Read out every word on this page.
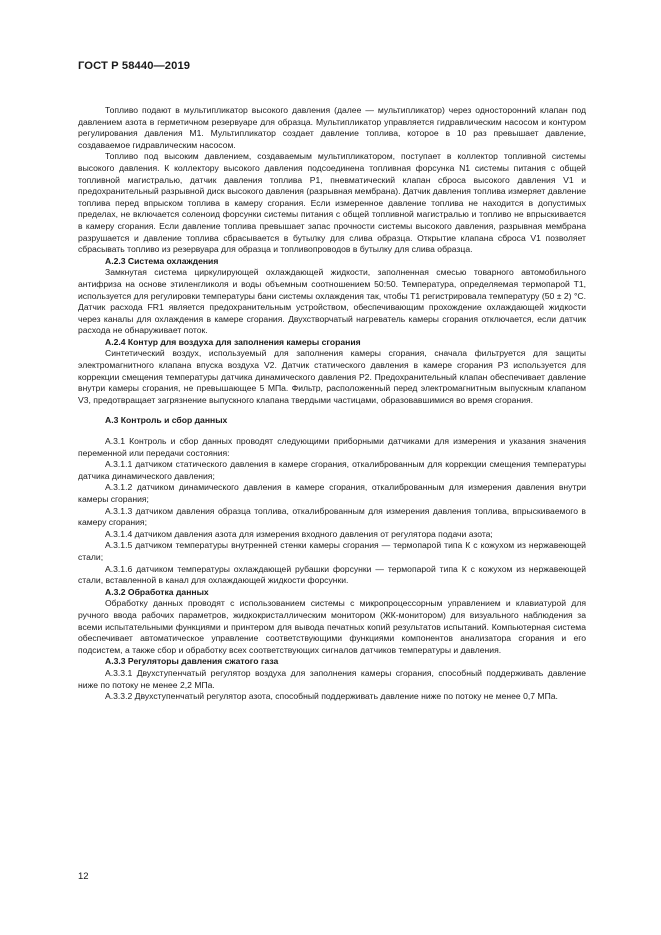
ГОСТ Р 58440—2019

Топливо подают в мультипликатор высокого давления (далее — мультипликатор) через односторонний клапан под давлением азота в герметичном резервуаре для образца. Мультипликатор управляется гидравлическим насосом и контуром регулирования давления М1. Мультипликатор создает давление топлива, которое в 10 раз превышает давление, создаваемое гидравлическим насосом.

Топливо под высоким давлением, создаваемым мультипликатором, поступает в коллектор топливной системы высокого давления. К коллектору высокого давления подсоединена топливная форсунка N1 системы питания с общей топливной магистралью, датчик давления топлива Р1, пневматический клапан сброса высокого давления V1 и предохранительный разрывной диск высокого давления (разрывная мембрана). Датчик давления топлива измеряет давление топлива перед впрыском топлива в камеру сгорания. Если измеренное давление топлива не находится в допустимых пределах, не включается соленоид форсунки системы питания с общей топливной магистралью и топливо не впрыскивается в камеру сгорания. Если давление топлива превышает запас прочности системы высокого давления, разрывная мембрана разрушается и давление топлива сбрасывается в бутылку для слива образца. Открытие клапана сброса V1 позволяет сбрасывать топливо из резервуара для образца и топливопроводов в бутылку для слива образца.

А.2.3 Система охлаждения

Замкнутая система циркулирующей охлаждающей жидкости, заполненная смесью товарного автомобильного антифриза на основе этиленгликоля и воды объемным соотношением 50:50. Температура, определяемая термопарой Т1, используется для регулировки температуры бани системы охлаждения так, чтобы Т1 регистрировала температуру (50 ± 2) °С. Датчик расхода FR1 является предохранительным устройством, обеспечивающим прохождение охлаждающей жидкости через каналы для охлаждения в камере сгорания. Двухстворчатый нагреватель камеры сгорания отключается, если датчик расхода не обнаруживает поток.

А.2.4 Контур для воздуха для заполнения камеры сгорания

Синтетический воздух, используемый для заполнения камеры сгорания, сначала фильтруется для защиты электромагнитного клапана впуска воздуха V2. Датчик статического давления в камере сгорания Р3 используется для коррекции смещения температуры датчика динамического давления Р2. Предохранительный клапан обеспечивает давление внутри камеры сгорания, не превышающее 5 МПа. Фильтр, расположенный перед электромагнитным выпускным клапаном V3, предотвращает загрязнение выпускного клапана твердыми частицами, образовавшимися во время сгорания.

А.3 Контроль и сбор данных

А.3.1 Контроль и сбор данных проводят следующими приборными датчиками для измерения и указания значения переменной или передачи состояния:

А.3.1.1 датчиком статического давления в камере сгорания, откалиброванным для коррекции смещения температуры датчика динамического давления;

А.3.1.2 датчиком динамического давления в камере сгорания, откалиброванным для измерения давления внутри камеры сгорания;

А.3.1.3 датчиком давления образца топлива, откалиброванным для измерения давления топлива, впрыскиваемого в камеру сгорания;

А.3.1.4 датчиком давления азота для измерения входного давления от регулятора подачи азота;

А.3.1.5 датчиком температуры внутренней стенки камеры сгорания — термопарой типа К с кожухом из нержавеющей стали;

А.3.1.6 датчиком температуры охлаждающей рубашки форсунки — термопарой типа К с кожухом из нержавеющей стали, вставленной в канал для охлаждающей жидкости форсунки.

А.3.2 Обработка данных

Обработку данных проводят с использованием системы с микропроцессорным управлением и клавиатурой для ручного ввода рабочих параметров, жидкокристаллическим монитором (ЖК-монитором) для визуального наблюдения за всеми испытательными функциями и принтером для вывода печатных копий результатов испытаний. Компьютерная система обеспечивает автоматическое управление соответствующими функциями компонентов анализатора сгорания и его подсистем, а также сбор и обработку всех соответствующих сигналов датчиков температуры и давления.

А.3.3 Регуляторы давления сжатого газа

А.3.3.1 Двухступенчатый регулятор воздуха для заполнения камеры сгорания, способный поддерживать давление ниже по потоку не менее 2,2 МПа.

А.3.3.2 Двухступенчатый регулятор азота, способный поддерживать давление ниже по потоку не менее 0,7 МПа.

12
